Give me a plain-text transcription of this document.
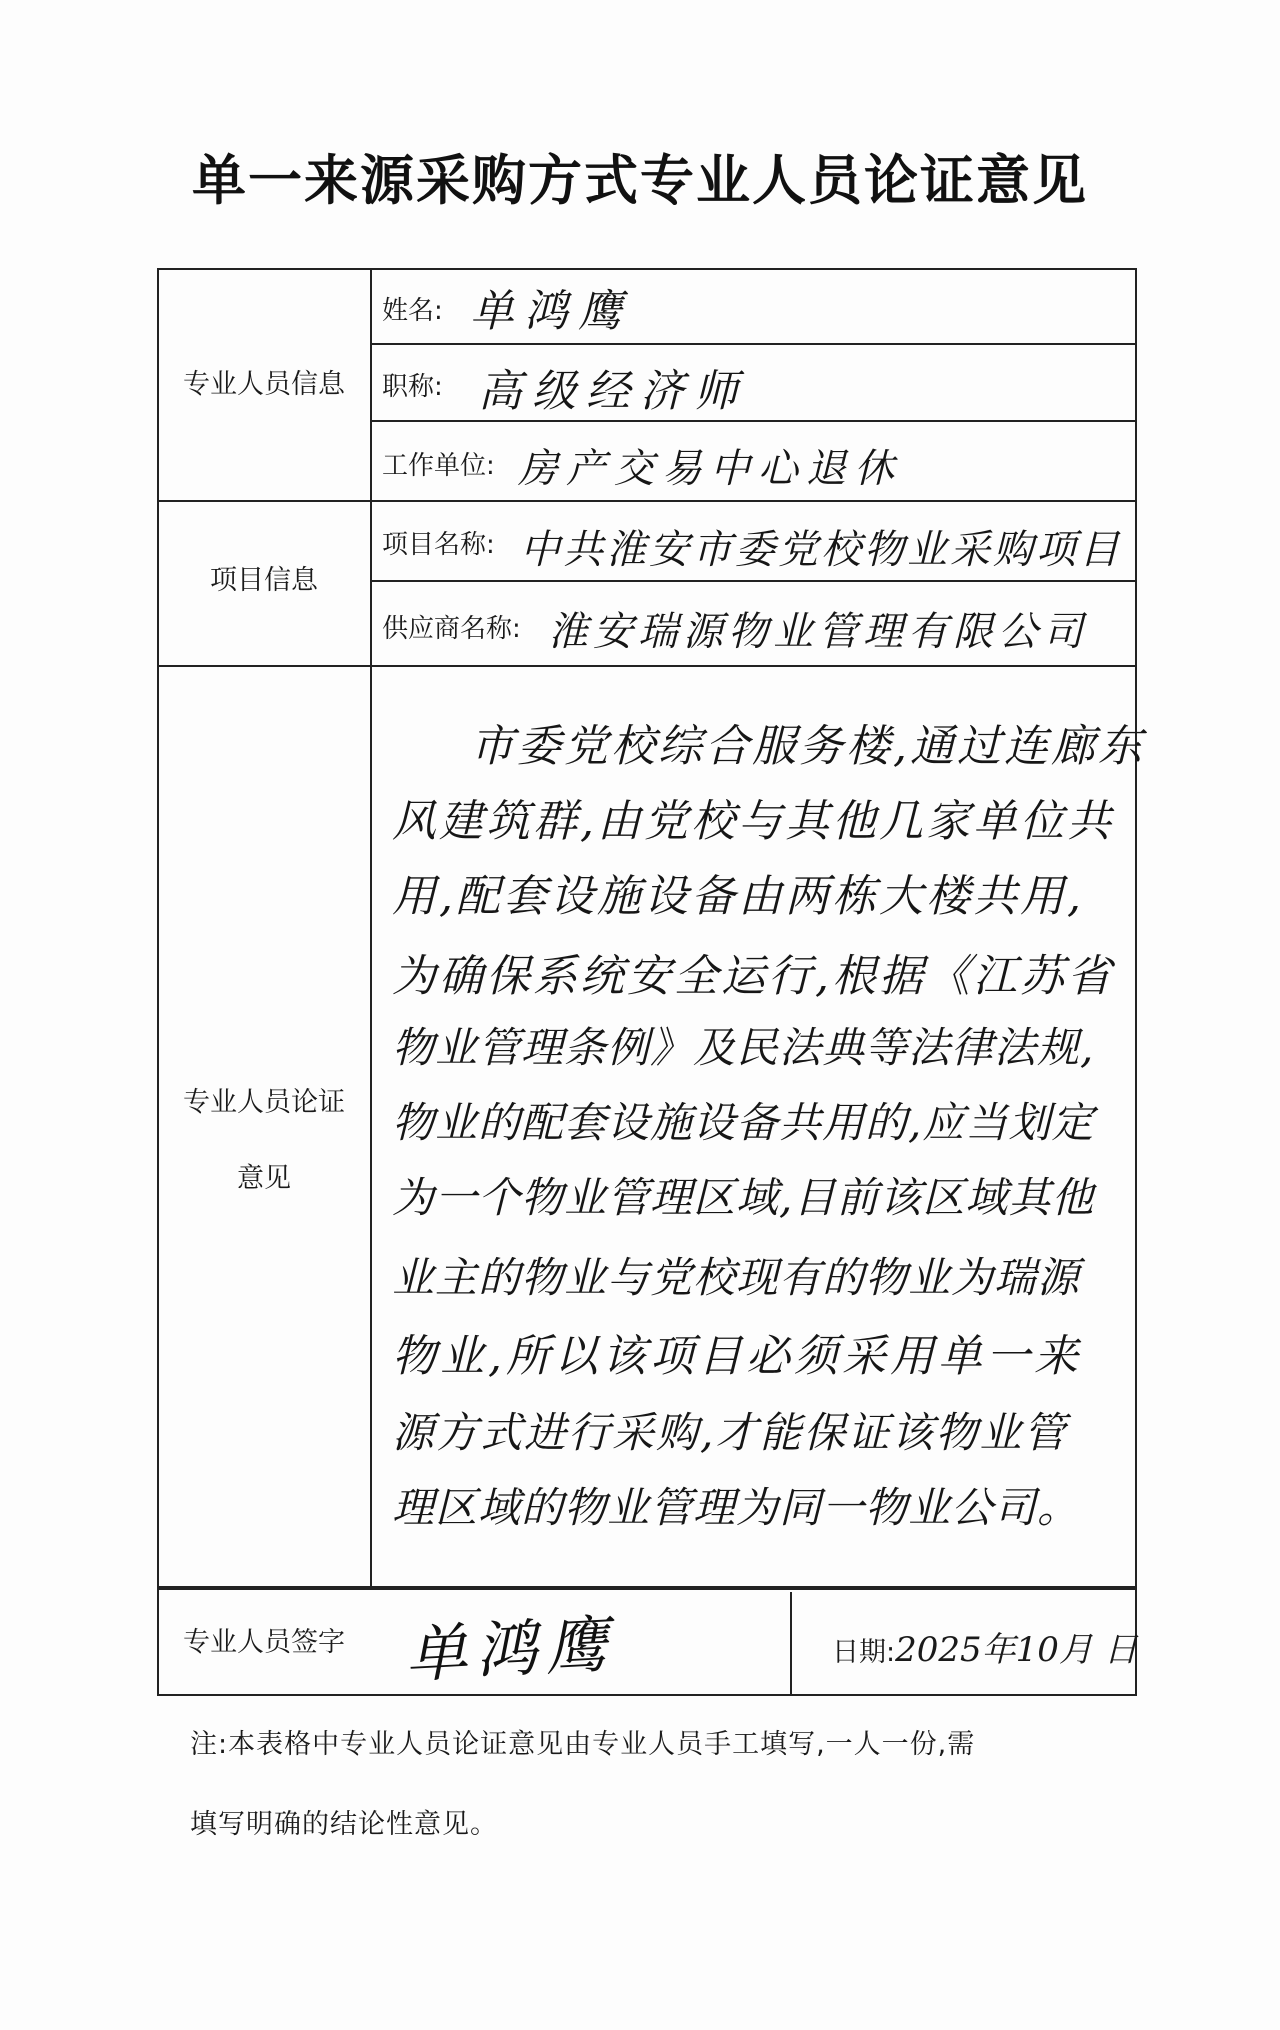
单一来源采购方式专业人员论证意见
专业人员信息
项目信息
专业人员论证意见
专业人员签字
姓名: 单鸿鹰
职称: 高级经济师
工作单位: 房产交易中心退休
项目名称: 中共淮安市委党校物业采购项目
供应商名称: 淮安瑞源物业管理有限公司
市委党校综合服务楼,通过连廊东
风建筑群,由党校与其他几家单位共
用,配套设施设备由两栋大楼共用,
为确保系统安全运行,根据《江苏省
物业管理条例》及民法典等法律法规,
物业的配套设施设备共用的,应当划定
为一个物业管理区域,目前该区域其他
业主的物业与党校现有的物业为瑞源
物业,所以该项目必须采用单一来
源方式进行采购,才能保证该物业管
理区域的物业管理为同一物业公司。
单鸿鹰	日期:2025年10月 日
注:本表格中专业人员论证意见由专业人员手工填写,一人一份,需
填写明确的结论性意见。
